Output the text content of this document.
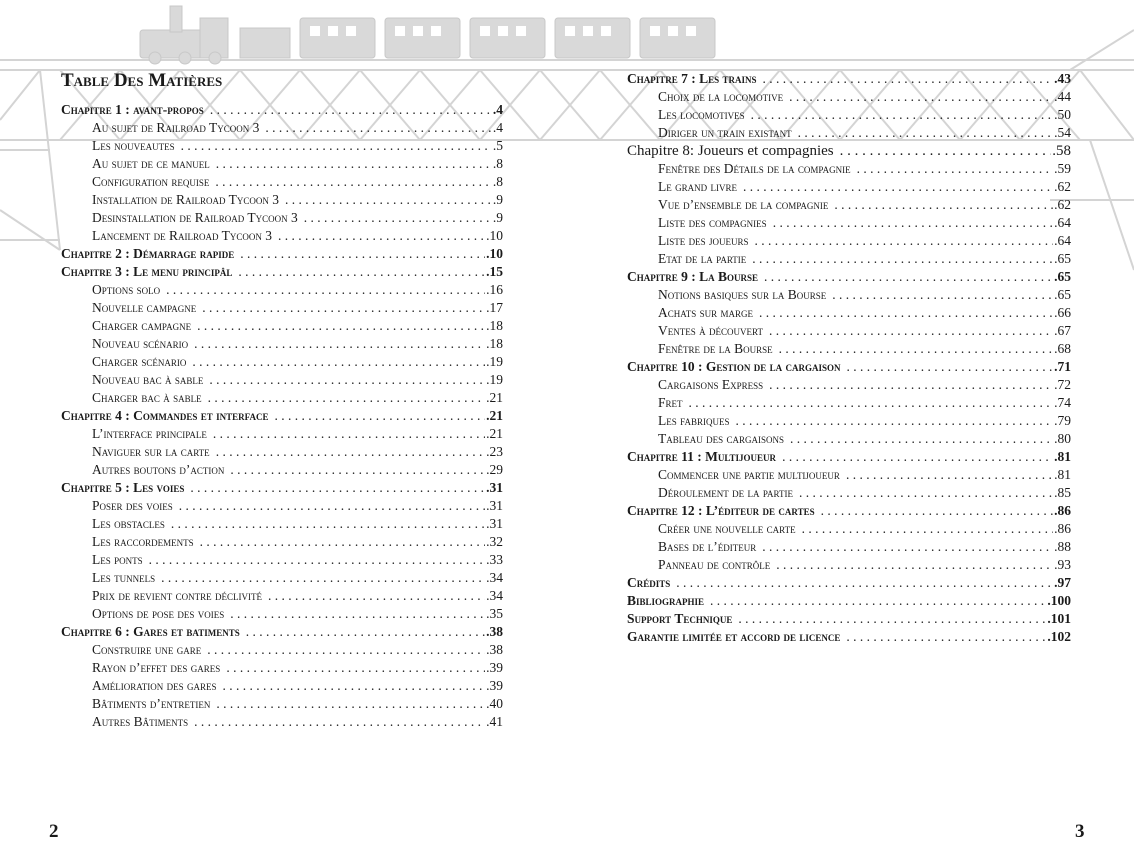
Table Des Matières
Chapitre 1 : avant-propos . . .	.4
Au sujet de Railroad Tycoon 3 . . .	.4
Les nouveautes . . .	.5
Au sujet de ce manuel . . .	.8
Configuration requise . . .	.8
Installation de Railroad Tycoon 3 . . .	.9
Desinstallation de Railroad Tycoon 3 . . .	.9
Lancement de Railroad Tycoon 3 . . .	.10
Chapitre 2 : Démarrage rapide . . .	.10
Chapitre 3 : Le menu principâl . . .	.15
Options solo . . .	.16
Nouvelle campagne . . .	.17
Charger campagne . . .	.18
Nouveau scénario . . .	.18
Charger scénario . . .	.19
Nouveau bac à sable . . .	.19
Charger bac à sable . . .	.21
Chapitre 4 : Commandes et interface . . .	.21
L’interface principale . . .	.21
Naviguer sur la carte . . .	.23
Autres boutons d’action . . .	.29
Chapitre 5 : Les voies . . .	.31
Poser des voies . . .	.31
Les obstacles . . .	.31
Les raccordements . . .	.32
Les ponts . . .	.33
Les tunnels . . .	.34
Prix de revient contre déclivité . . .	.34
Options de pose des voies . . .	.35
Chapitre 6 : Gares et batiments . . .	.38
Construire une gare . . .	.38
Rayon d’effet des gares . . .	.39
Amélioration des gares . . .	.39
Bâtiments d’entretien . . .	.40
Autres Bâtiments . . .	.41
Chapitre 7 : Les trains . . .	.43
Choix de la locomotive . . .	.44
Les locomotives . . .	.50
Diriger un train existant . . .	.54
Chapitre 8: Joueurs et compagnies . . .	.58
Fenêtre des Détails de la compagnie . . .	.59
Le grand livre . . .	.62
Vue d’ensemble de la compagnie . . .	.62
Liste des compagnies . . .	.64
Liste des joueurs . . .	.64
Etat de la partie . . .	.65
Chapitre 9 : La Bourse . . .	.65
Notions basiques sur la Bourse . . .	.65
Achats sur marge . . .	.66
Ventes à découvert . . .	.67
Fenêtre de la Bourse . . .	.68
Chapitre 10 : Gestion de la cargaison . . .	.71
Cargaisons Express . . .	.72
Fret . . .	.74
Les fabriques . . .	.79
Tableau des cargaisons . . .	.80
Chapitre 11 : Multijoueur . . .	.81
Commencer une partie multijoueur . . .	.81
Déroulement de la partie . . .	.85
Chapitre 12 : L’éditeur de cartes . . .	.86
Créer une nouvelle carte . . .	.86
Bases de l’éditeur . . .	.88
Panneau de contrôle . . .	.93
Crédits . . .	.97
Bibliographie . . .	.100
Support Technique . . .	.101
Garantie limitée et accord de licence . . .	.102
2	3
